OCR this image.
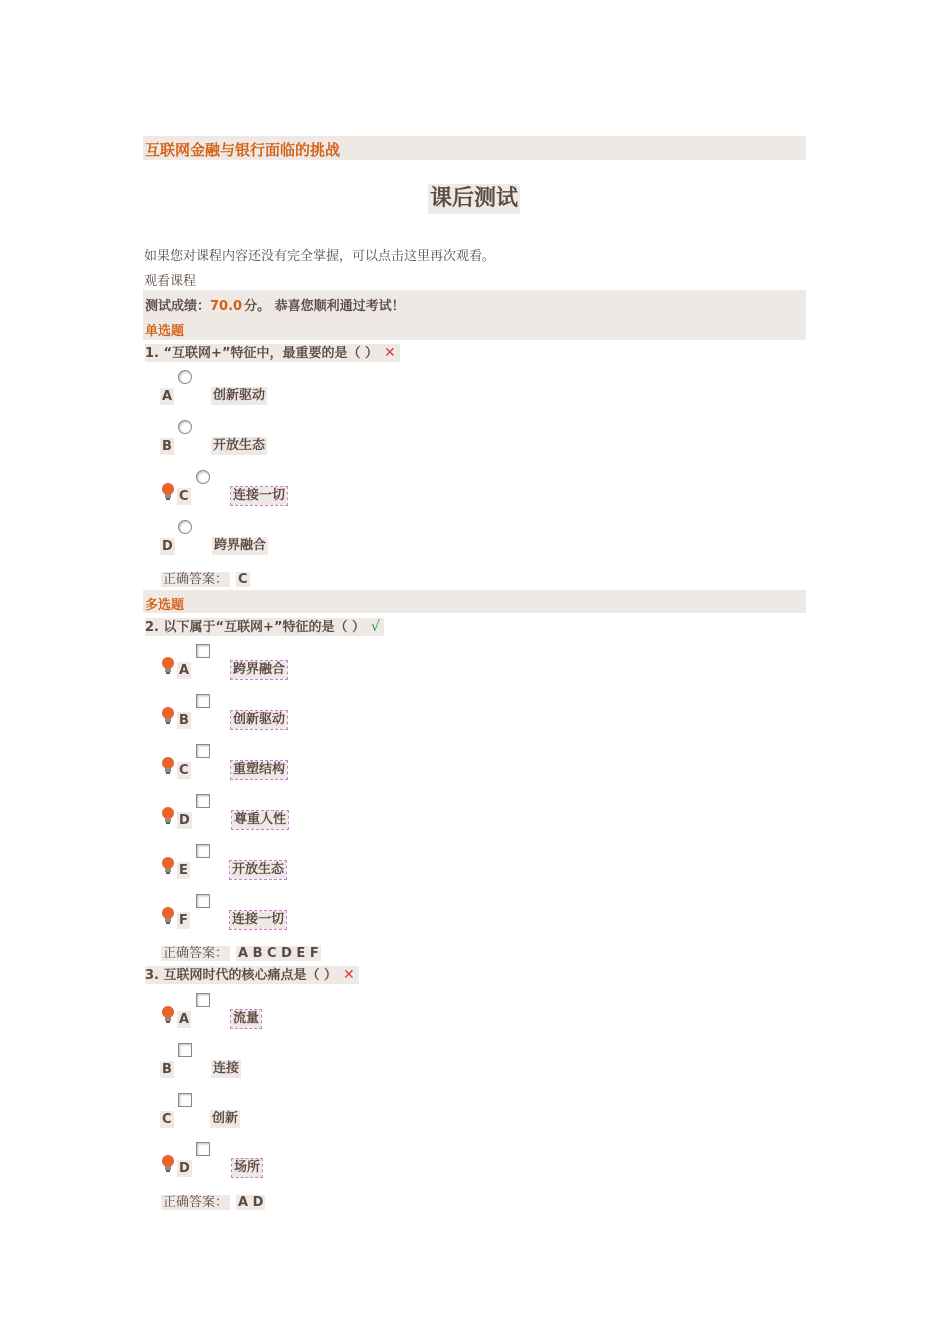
互联网金融与银行面临的挑战
课后测试
如果您对课程内容还没有完全掌握，可以点击这里再次观看。
观看课程
测试成绩：70.0 分。 恭喜您顺利通过考试！
单选题
1. “互联网+”特征中，最重要的是（ ） ✕
A	创新驱动
B	开放生态
C	连接一切
D	跨界融合
正确答案： C
多选题
2. 以下属于“互联网+”特征的是（ ） √
A	跨界融合
B	创新驱动
C	重塑结构
D	尊重人性
E	开放生态
F	连接一切
正确答案： A B C D E F
3. 互联网时代的核心痛点是（ ） ✕
A	流量
B	连接
C	创新
D	场所
正确答案： A D
